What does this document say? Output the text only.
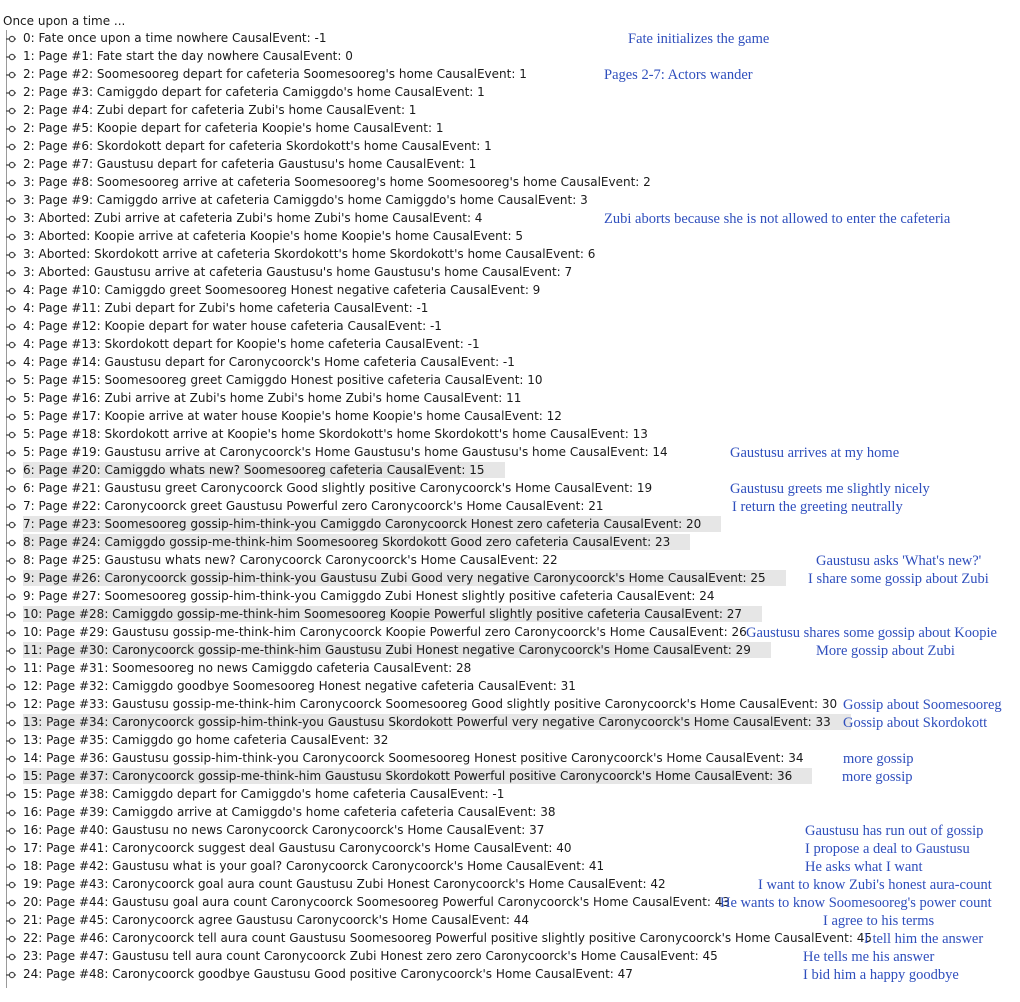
Once upon a time ...
0: Fate once upon a time nowhere CausalEvent: -1
1: Page #1: Fate start the day nowhere CausalEvent: 0
2: Page #2: Soomesooreg depart for cafeteria Soomesooreg's home CausalEvent: 1
2: Page #3: Camiggdo depart for cafeteria Camiggdo's home CausalEvent: 1
2: Page #4: Zubi depart for cafeteria Zubi's home CausalEvent: 1
2: Page #5: Koopie depart for cafeteria Koopie's home CausalEvent: 1
2: Page #6: Skordokott depart for cafeteria Skordokott's home CausalEvent: 1
2: Page #7: Gaustusu depart for cafeteria Gaustusu's home CausalEvent: 1
3: Page #8: Soomesooreg arrive at cafeteria Soomesooreg's home Soomesooreg's home CausalEvent: 2
3: Page #9: Camiggdo arrive at cafeteria Camiggdo's home Camiggdo's home CausalEvent: 3
3: Aborted: Zubi arrive at cafeteria Zubi's home Zubi's home CausalEvent: 4
3: Aborted: Koopie arrive at cafeteria Koopie's home Koopie's home CausalEvent: 5
3: Aborted: Skordokott arrive at cafeteria Skordokott's home Skordokott's home CausalEvent: 6
3: Aborted: Gaustusu arrive at cafeteria Gaustusu's home Gaustusu's home CausalEvent: 7
4: Page #10: Camiggdo greet Soomesooreg Honest negative cafeteria CausalEvent: 9
4: Page #11: Zubi depart for Zubi's home cafeteria CausalEvent: -1
4: Page #12: Koopie depart for water house cafeteria CausalEvent: -1
4: Page #13: Skordokott depart for Koopie's home cafeteria CausalEvent: -1
4: Page #14: Gaustusu depart for Caronycoorck's Home cafeteria CausalEvent: -1
5: Page #15: Soomesooreg greet Camiggdo Honest positive cafeteria CausalEvent: 10
5: Page #16: Zubi arrive at Zubi's home Zubi's home Zubi's home CausalEvent: 11
5: Page #17: Koopie arrive at water house Koopie's home Koopie's home CausalEvent: 12
5: Page #18: Skordokott arrive at Koopie's home Skordokott's home Skordokott's home CausalEvent: 13
5: Page #19: Gaustusu arrive at Caronycoorck's Home Gaustusu's home Gaustusu's home CausalEvent: 14
6: Page #20: Camiggdo whats new? Soomesooreg cafeteria CausalEvent: 15
6: Page #21: Gaustusu greet Caronycoorck Good slightly positive Caronycoorck's Home CausalEvent: 19
7: Page #22: Caronycoorck greet Gaustusu Powerful zero Caronycoorck's Home CausalEvent: 21
7: Page #23: Soomesooreg gossip-him-think-you Camiggdo Caronycoorck Honest zero cafeteria CausalEvent: 20
8: Page #24: Camiggdo gossip-me-think-him Soomesooreg Skordokott Good zero cafeteria CausalEvent: 23
8: Page #25: Gaustusu whats new? Caronycoorck Caronycoorck's Home CausalEvent: 22
9: Page #26: Caronycoorck gossip-him-think-you Gaustusu Zubi Good very negative Caronycoorck's Home CausalEvent: 25
9: Page #27: Soomesooreg gossip-him-think-you Camiggdo Zubi Honest slightly positive cafeteria CausalEvent: 24
10: Page #28: Camiggdo gossip-me-think-him Soomesooreg Koopie Powerful slightly positive cafeteria CausalEvent: 27
10: Page #29: Gaustusu gossip-me-think-him Caronycoorck Koopie Powerful zero Caronycoorck's Home CausalEvent: 26
11: Page #30: Caronycoorck gossip-me-think-him Gaustusu Zubi Honest negative Caronycoorck's Home CausalEvent: 29
11: Page #31: Soomesooreg no news Camiggdo cafeteria CausalEvent: 28
12: Page #32: Camiggdo goodbye Soomesooreg Honest negative cafeteria CausalEvent: 31
12: Page #33: Gaustusu gossip-me-think-him Caronycoorck Soomesooreg Good slightly positive Caronycoorck's Home CausalEvent: 30
13: Page #34: Caronycoorck gossip-him-think-you Gaustusu Skordokott Powerful very negative Caronycoorck's Home CausalEvent: 33
13: Page #35: Camiggdo go home cafeteria CausalEvent: 32
14: Page #36: Gaustusu gossip-him-think-you Caronycoorck Soomesooreg Honest positive Caronycoorck's Home CausalEvent: 34
15: Page #37: Caronycoorck gossip-me-think-him Gaustusu Skordokott Powerful positive Caronycoorck's Home CausalEvent: 36
15: Page #38: Camiggdo depart for Camiggdo's home cafeteria CausalEvent: -1
16: Page #39: Camiggdo arrive at Camiggdo's home cafeteria cafeteria CausalEvent: 38
16: Page #40: Gaustusu no news Caronycoorck Caronycoorck's Home CausalEvent: 37
17: Page #41: Caronycoorck suggest deal Gaustusu Caronycoorck's Home CausalEvent: 40
18: Page #42: Gaustusu what is your goal? Caronycoorck Caronycoorck's Home CausalEvent: 41
19: Page #43: Caronycoorck goal aura count Gaustusu Zubi Honest Caronycoorck's Home CausalEvent: 42
20: Page #44: Gaustusu goal aura count Caronycoorck Soomesooreg Powerful Caronycoorck's Home CausalEvent: 43
21: Page #45: Caronycoorck agree Gaustusu Caronycoorck's Home CausalEvent: 44
22: Page #46: Caronycoorck tell aura count Gaustusu Soomesooreg Powerful positive slightly positive Caronycoorck's Home CausalEvent: 45
23: Page #47: Gaustusu tell aura count Caronycoorck Zubi Honest zero zero Caronycoorck's Home CausalEvent: 45
24: Page #48: Caronycoorck goodbye Gaustusu Good positive Caronycoorck's Home CausalEvent: 47
Fate initializes the game
Pages 2-7: Actors wander
Zubi aborts because she is not allowed to enter the cafeteria
Gaustusu arrives at my home
Gaustusu greets me slightly nicely
I return the greeting neutrally
Gaustusu asks 'What's new?'
I share some gossip about Zubi
Gaustusu shares some gossip about Koopie
More gossip about Zubi
Gossip about Soomesooreg
Gossip about Skordokott
more gossip
more gossip
Gaustusu has run out of gossip
I propose a deal to Gaustusu
He asks what I want
I want to know Zubi's honest aura-count
He wants to know Soomesooreg's power count
I agree to his terms
I tell him the answer
He tells me his answer
I bid him a happy goodbye
